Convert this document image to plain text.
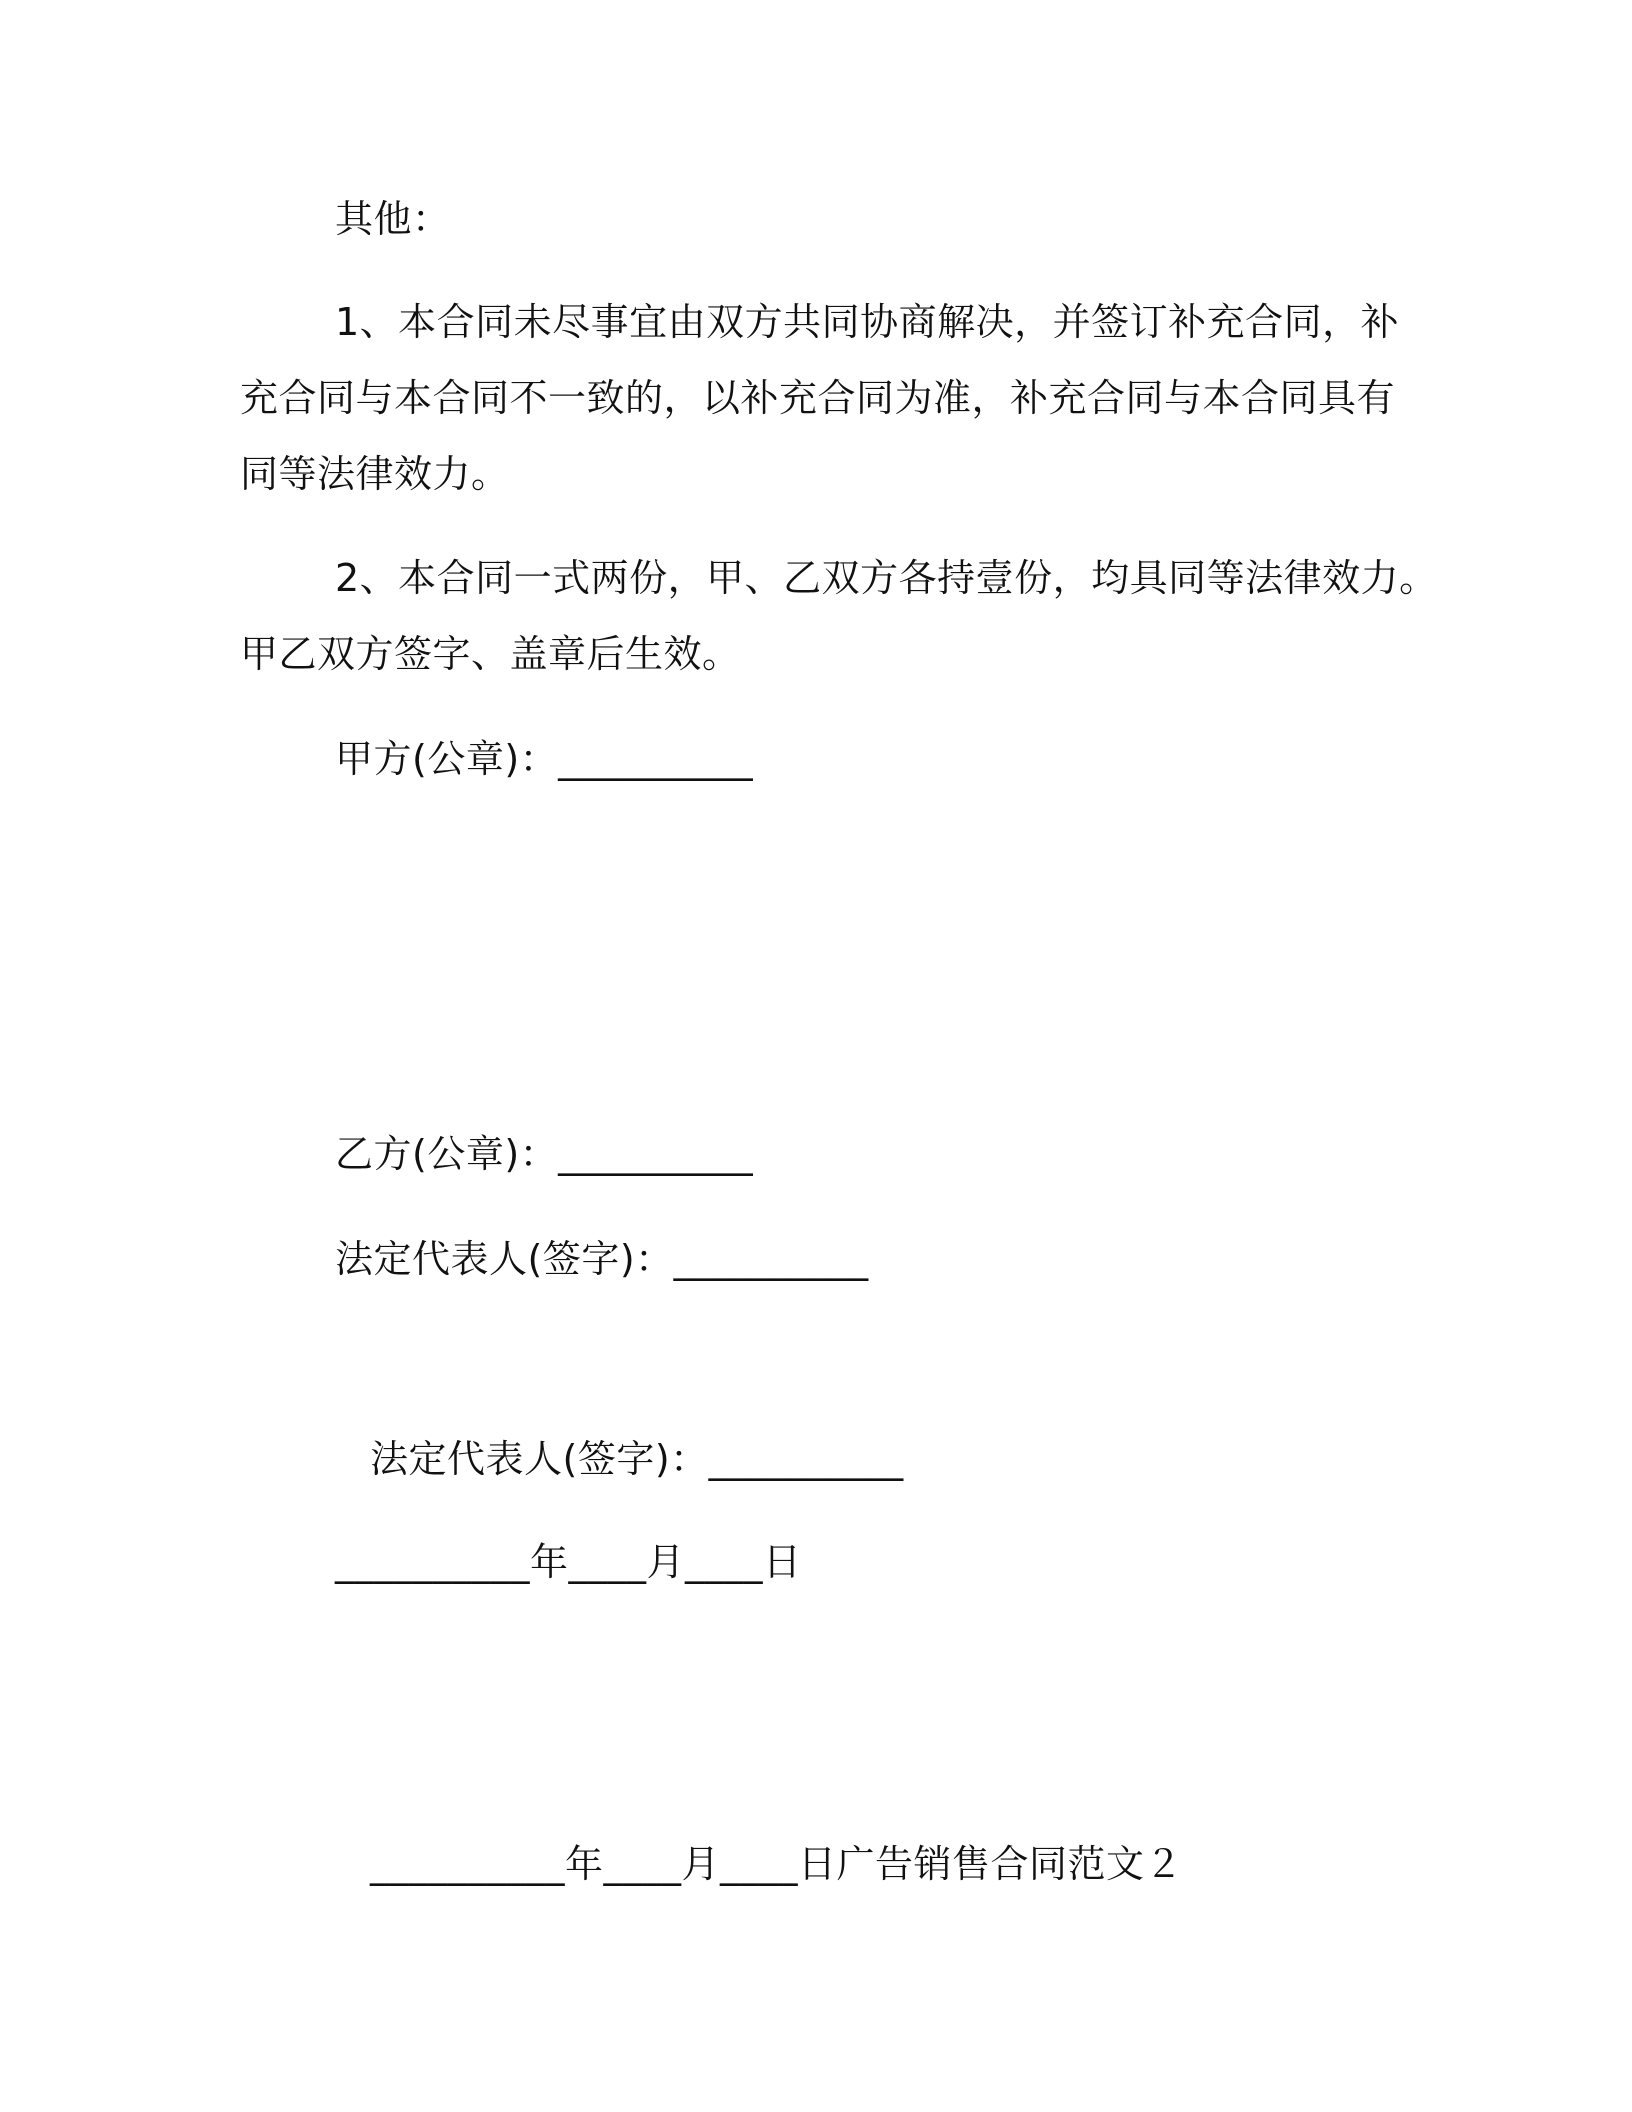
其他：
1、本合同未尽事宜由双方共同协商解决，并签订补充合同，补
充合同与本合同不一致的，以补充合同为准，补充合同与本合同具有
同等法律效力。
2、本合同一式两份，甲、乙双方各持壹份，均具同等法律效力。
甲乙双方签字、盖章后生效。
甲方(公章)：__________
乙方(公章)：__________
法定代表人(签字)：__________
法定代表人(签字)：__________
__________年____月____日
__________年____月____日广告销售合同范文２
